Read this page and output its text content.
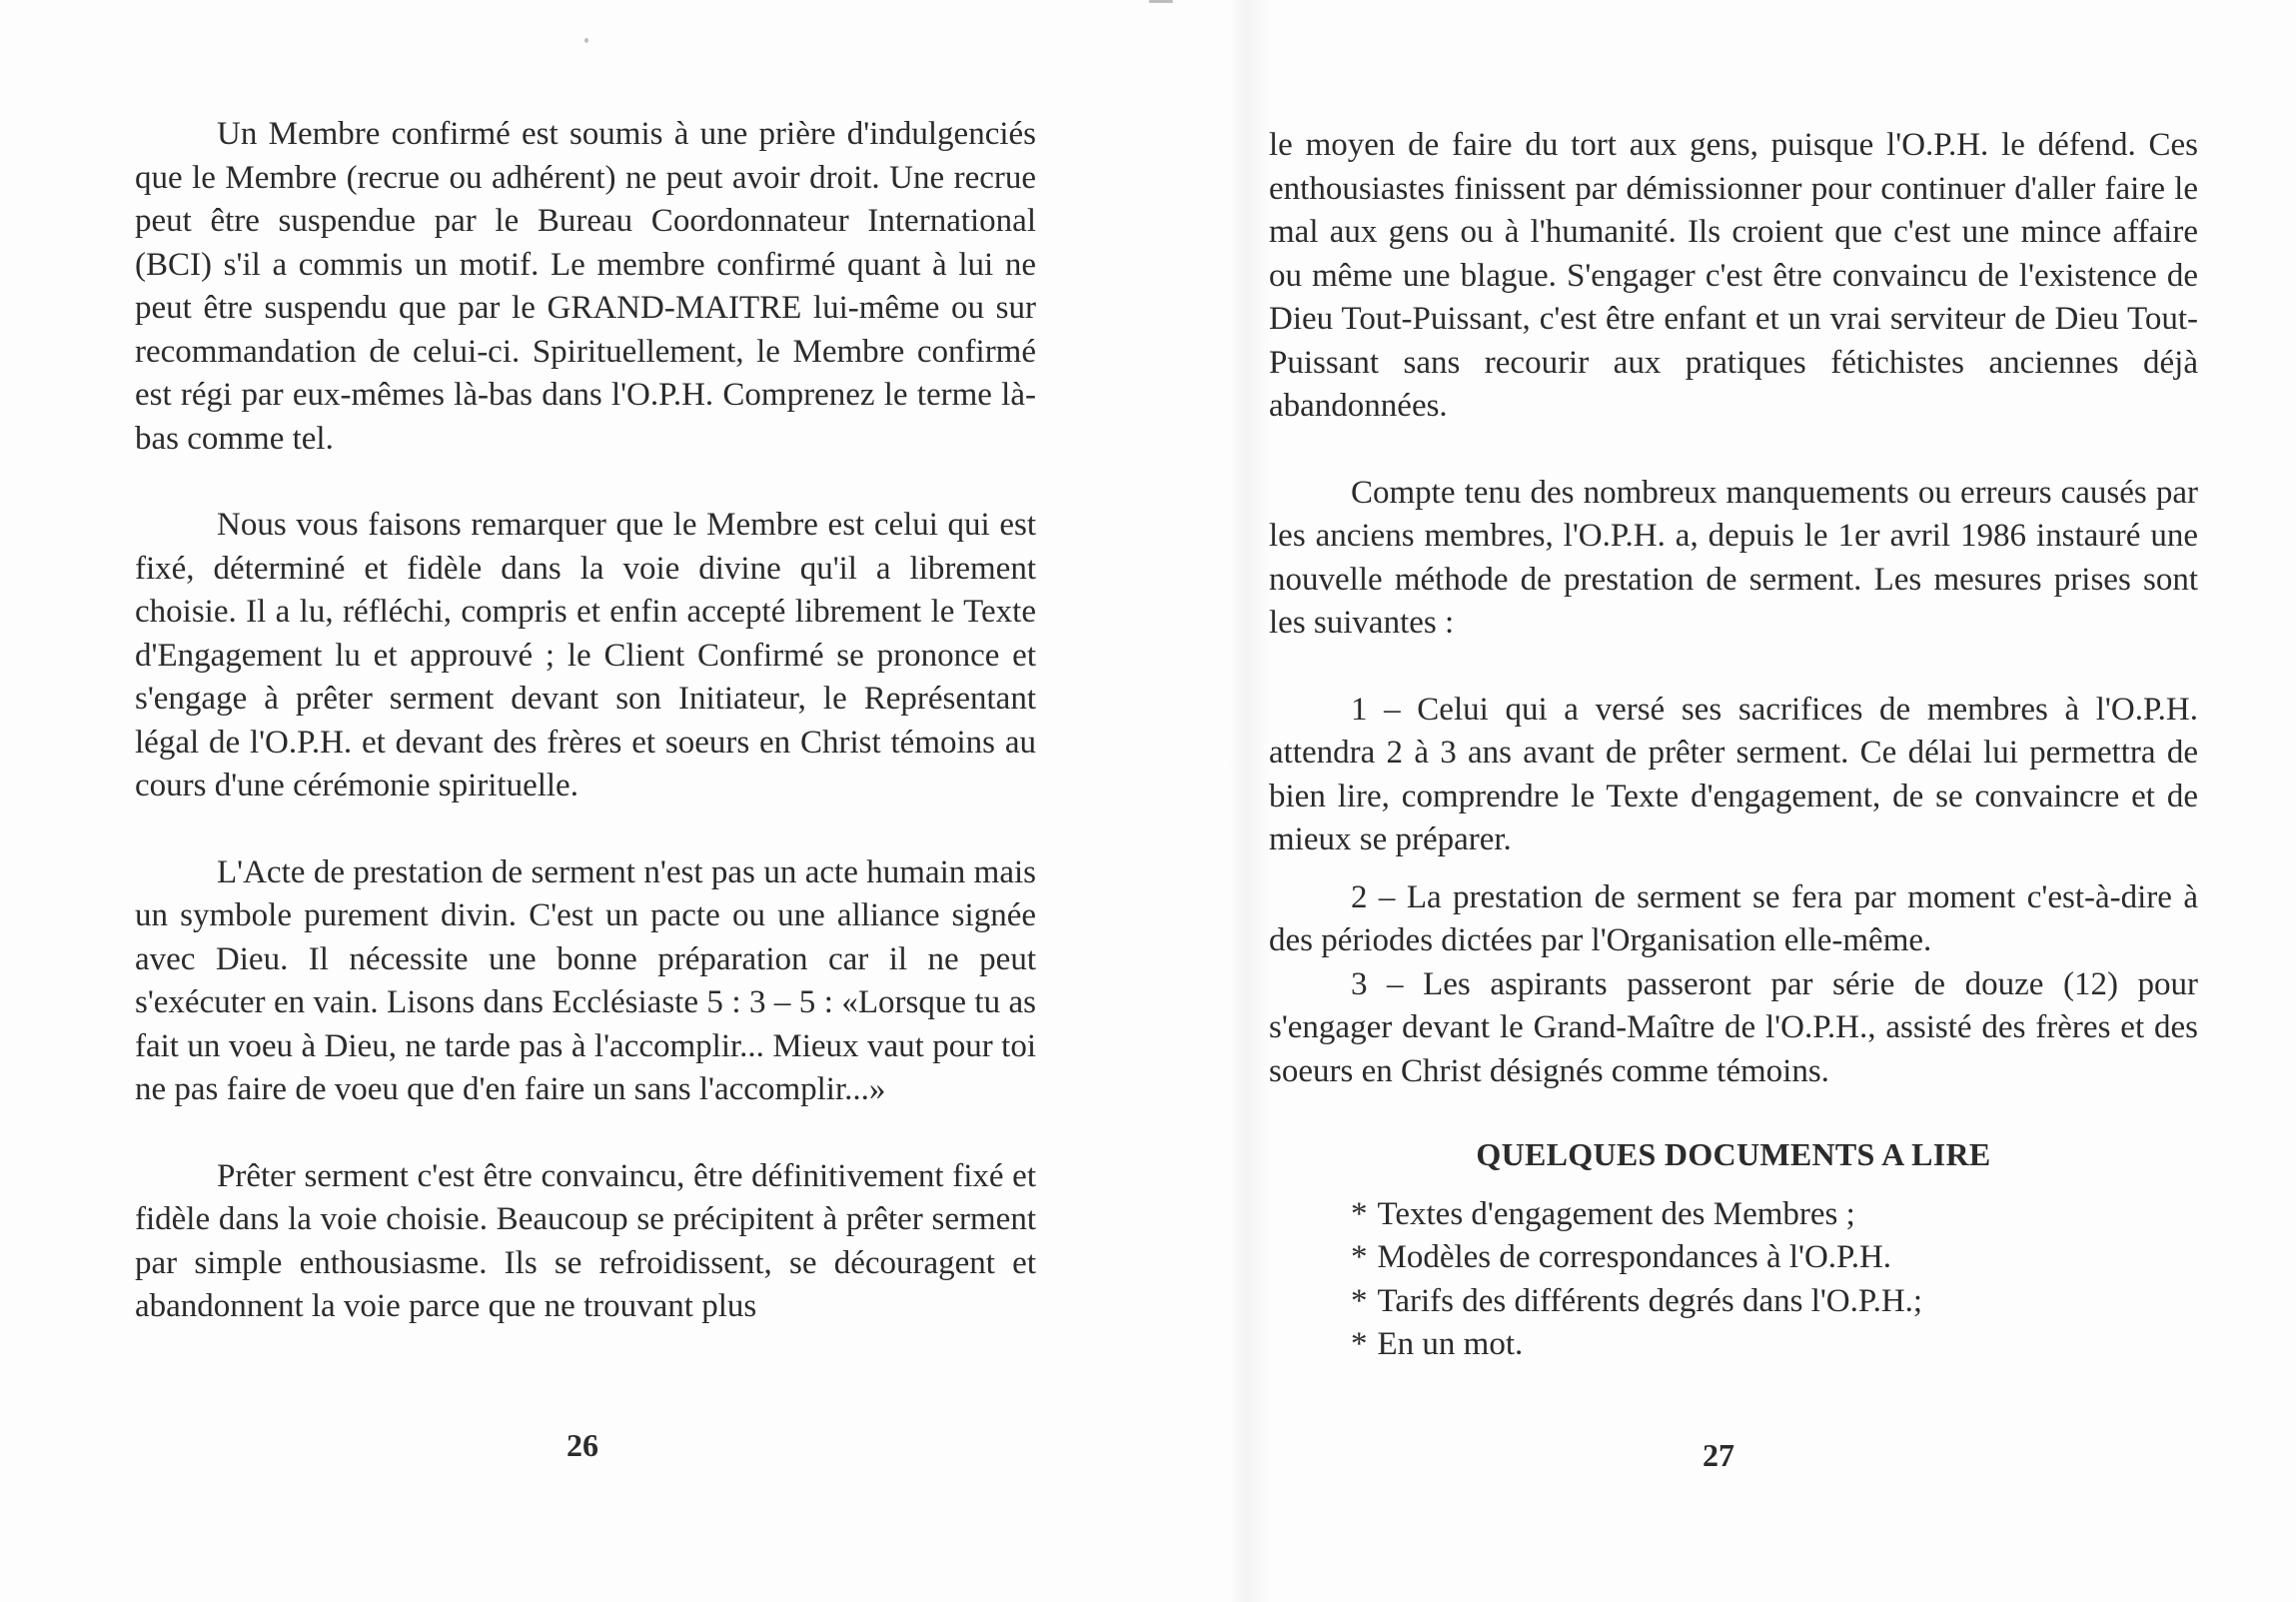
Un Membre confirmé est soumis à une prière d'indulgenciés que le Membre (recrue ou adhérent) ne peut avoir droit. Une recrue peut être suspendue par le Bureau Coordonnateur International (BCI) s'il a commis un motif. Le membre confirmé quant à lui ne peut être suspendu que par le GRAND-MAITRE lui-même ou sur recommandation de celui-ci. Spirituellement, le Membre confirmé est régi par eux-mêmes là-bas dans l'O.P.H. Comprenez le terme là-bas comme tel.

Nous vous faisons remarquer que le Membre est celui qui est fixé, déterminé et fidèle dans la voie divine qu'il a librement choisie. Il a lu, réfléchi, compris et enfin accepté librement le Texte d'Engagement lu et approuvé ; le Client Confirmé se prononce et s'engage à prêter serment devant son Initiateur, le Représentant légal de l'O.P.H. et devant des frères et soeurs en Christ témoins au cours d'une cérémonie spirituelle.

L'Acte de prestation de serment n'est pas un acte humain mais un symbole purement divin. C'est un pacte ou une alliance signée avec Dieu. Il nécessite une bonne préparation car il ne peut s'exécuter en vain. Lisons dans Ecclésiaste 5 : 3 – 5 : «Lorsque tu as fait un voeu à Dieu, ne tarde pas à l'accomplir... Mieux vaut pour toi ne pas faire de voeu que d'en faire un sans l'accomplir...»

Prêter serment c'est être convaincu, être définitivement fixé et fidèle dans la voie choisie. Beaucoup se précipitent à prêter serment par simple enthousiasme. Ils se refroidissent, se découragent et abandonnent la voie parce que ne trouvant plus

26

le moyen de faire du tort aux gens, puisque l'O.P.H. le défend. Ces enthousiastes finissent par démissionner pour continuer d'aller faire le mal aux gens ou à l'humanité. Ils croient que c'est une mince affaire ou même une blague. S'engager c'est être convaincu de l'existence de Dieu Tout-Puissant, c'est être enfant et un vrai serviteur de Dieu Tout-Puissant sans recourir aux pratiques fétichistes anciennes déjà abandonnées.

Compte tenu des nombreux manquements ou erreurs causés par les anciens membres, l'O.P.H. a, depuis le 1er avril 1986 instauré une nouvelle méthode de prestation de serment. Les mesures prises sont les suivantes :

1 – Celui qui a versé ses sacrifices de membres à l'O.P.H. attendra 2 à 3 ans avant de prêter serment. Ce délai lui permettra de bien lire, comprendre le Texte d'engagement, de se convaincre et de mieux se préparer.

2 – La prestation de serment se fera par moment c'est-à-dire à des périodes dictées par l'Organisation elle-même.

3 – Les aspirants passeront par série de douze (12) pour s'engager devant le Grand-Maître de l'O.P.H., assisté des frères et des soeurs en Christ désignés comme témoins.

QUELQUES DOCUMENTS A LIRE

* Textes d'engagement des Membres ;
* Modèles de correspondances à l'O.P.H.
* Tarifs des différents degrés dans l'O.P.H.;
* En un mot.
27
